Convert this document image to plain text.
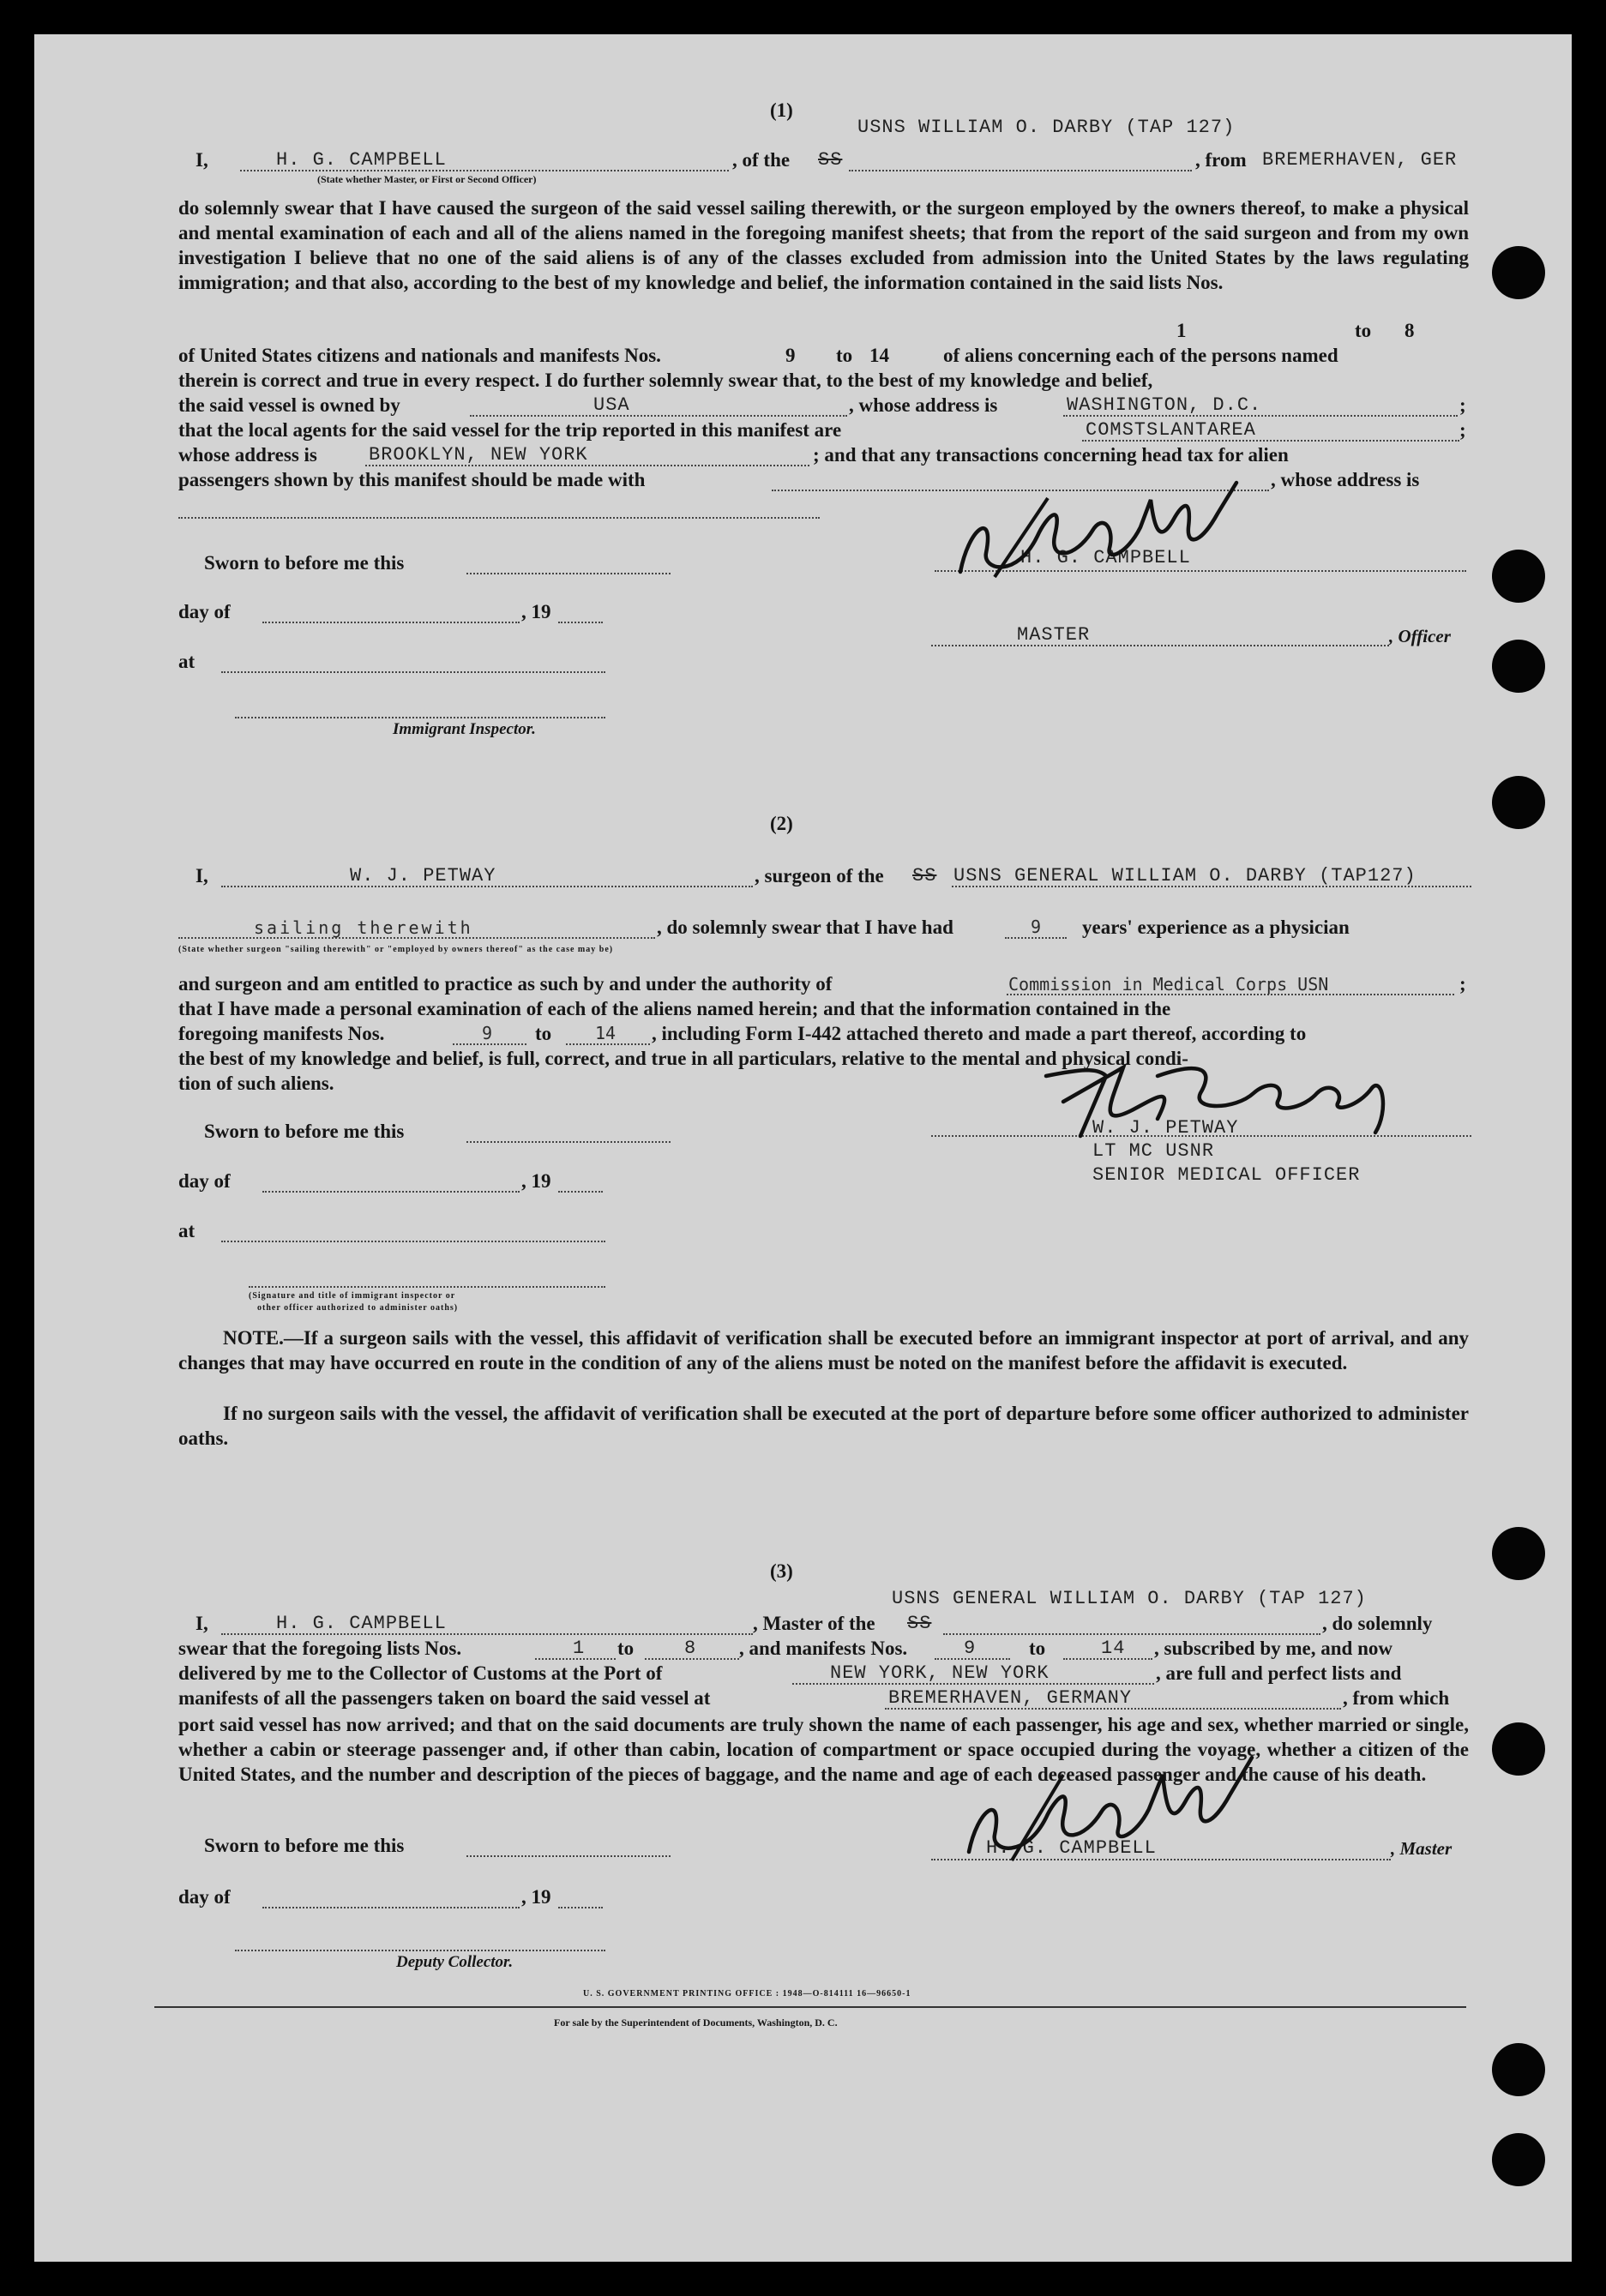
(1)
USNS WILLIAM O. DARBY (TAP 127)
I,	H. G. CAMPBELL	, of the SS	, from BREMERHAVEN, GER
(State whether Master, or First or Second Officer)
do solemnly swear that I have caused the surgeon of the said vessel sailing therewith, or the surgeon employed by the owners thereof, to make a physical and mental examination of each and all of the aliens named in the foregoing manifest sheets; that from the report of the said surgeon and from my own investigation I believe that no one of the said aliens is of any of the classes excluded from admission into the United States by the laws regulating immigration; and that also, according to the best of my knowledge and belief, the information contained in the said lists Nos.
1	to 8
of United States citizens and nationals and manifests Nos.	9 to 14	of aliens concerning each of the persons named
therein is correct and true in every respect. I do further solemnly swear that, to the best of my knowledge and belief,
the said vessel is owned by	USA	, whose address is	WASHINGTON, D.C.	;
that the local agents for the said vessel for the trip reported in this manifest are	COMSTSLANTAREA	;
whose address is	BROOKLYN, NEW YORK	; and that any transactions concerning head tax for alien
passengers shown by this manifest should be made with	, whose address is
Sworn to before me this
day of	, 19
at
Immigrant Inspector.
H. G. CAMPBELL
MASTER	, Officer
(2)
I,	W. J. PETWAY	, surgeon of the SS USNS GENERAL WILLIAM O. DARBY (TAP127)
sailing therewith	, do solemnly swear that I have had	9 years' experience as a physician
(State whether surgeon "sailing therewith" or "employed by owners thereof" as the case may be)
and surgeon and am entitled to practice as such by and under the authority of	Commission in Medical Corps USN	;
that I have made a personal examination of each of the aliens named herein; and that the information contained in the
foregoing manifests Nos.	9 to	14 , including Form I-442 attached thereto and made a part thereof, according to
the best of my knowledge and belief, is full, correct, and true in all particulars, relative to the mental and physical condi-
tion of such aliens.
Sworn to before me this
day of	, 19
at
(Signature and title of immigrant inspector or
other officer authorized to administer oaths)
W. J. PETWAY
LT MC USNR
SENIOR MEDICAL OFFICER
NOTE.—If a surgeon sails with the vessel, this affidavit of verification shall be executed before an immigrant inspector at port of arrival, and any changes that may have occurred en route in the condition of any of the aliens must be noted on the manifest before the affidavit is executed.
If no surgeon sails with the vessel, the affidavit of verification shall be executed at the port of departure before some officer authorized to administer oaths.
(3)
USNS GENERAL WILLIAM O. DARBY (TAP 127)
I,	H. G. CAMPBELL	, Master of the SS	, do solemnly
swear that the foregoing lists Nos.	1 to	8 , and manifests Nos.	9	to	14 , subscribed by me, and now
delivered by me to the Collector of Customs at the Port of	NEW YORK, NEW YORK	, are full and perfect lists and
manifests of all the passengers taken on board the said vessel at	BREMERHAVEN, GERMANY	, from which
port said vessel has now arrived; and that on the said documents are truly shown the name of each passenger, his age and sex, whether married or single, whether a cabin or steerage passenger and, if other than cabin, location of compartment or space occupied during the voyage, whether a citizen of the United States, and the number and description of the pieces of baggage, and the name and age of each deceased passenger and the cause of his death.
Sworn to before me this
day of	, 19
Deputy Collector.
H. G. CAMPBELL	, Master
U. S. GOVERNMENT PRINTING OFFICE : 1948—O-814111 16—96650-1
For sale by the Superintendent of Documents, Washington, D. C.
